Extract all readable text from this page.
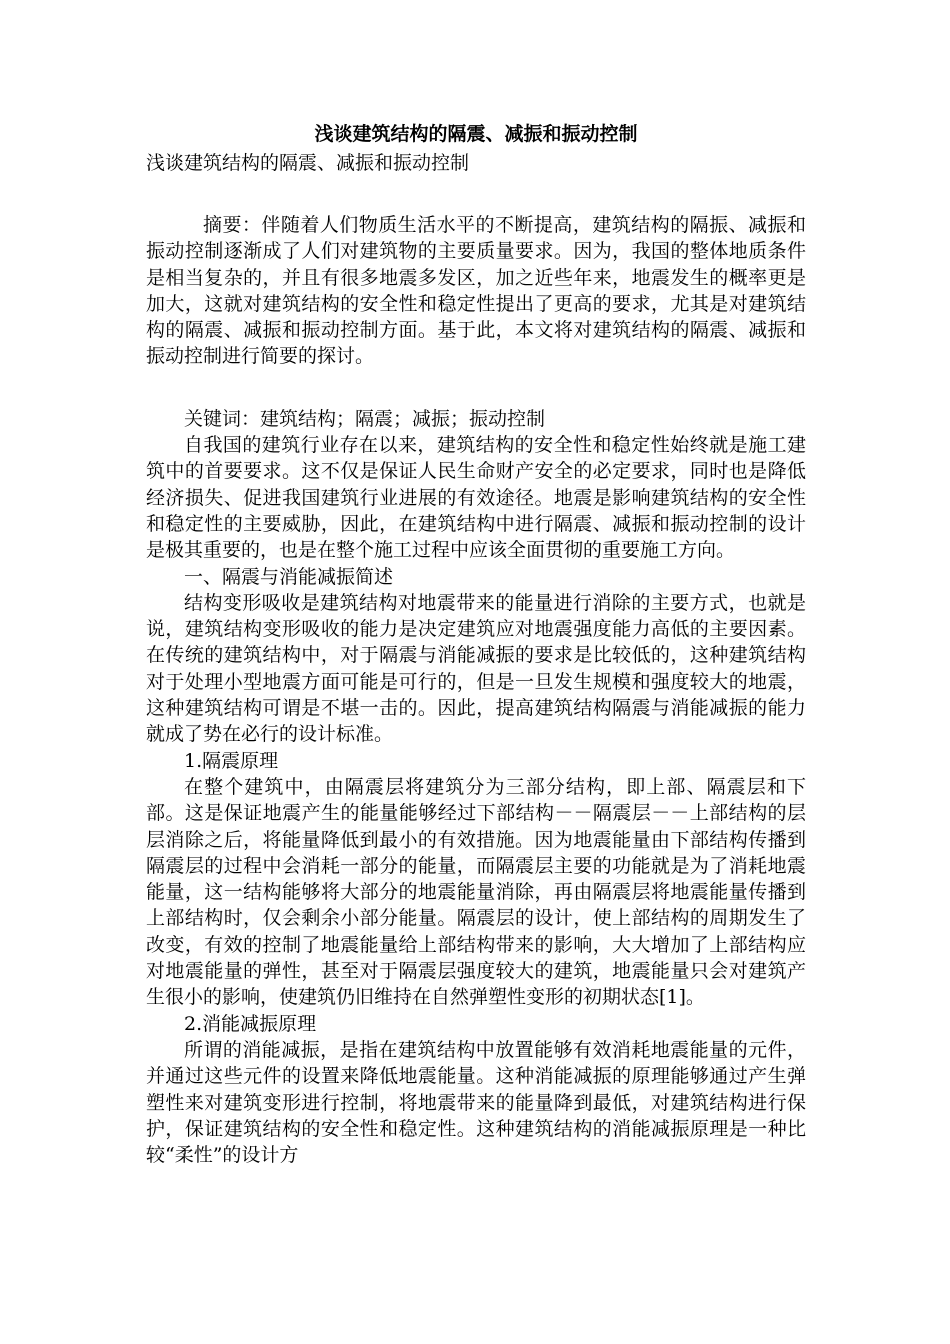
浅谈建筑结构的隔震、减振和振动控制

浅谈建筑结构的隔震、减振和振动控制

摘要：伴随着人们物质生活水平的不断提高，建筑结构的隔振、减振和振动控制逐渐成了人们对建筑物的主要质量要求。因为，我国的整体地质条件是相当复杂的，并且有很多地震多发区，加之近些年来，地震发生的概率更是加大，这就对建筑结构的安全性和稳定性提出了更高的要求，尤其是对建筑结构的隔震、减振和振动控制方面。基于此，本文将对建筑结构的隔震、减振和振动控制进行简要的探讨。

关键词：建筑结构；隔震；减振；振动控制

自我国的建筑行业存在以来，建筑结构的安全性和稳定性始终就是施工建筑中的首要要求。这不仅是保证人民生命财产安全的必定要求，同时也是降低经济损失、促进我国建筑行业进展的有效途径。地震是影响建筑结构的安全性和稳定性的主要威胁，因此，在建筑结构中进行隔震、减振和振动控制的设计是极其重要的，也是在整个施工过程中应该全面贯彻的重要施工方向。

一、隔震与消能减振简述

结构变形吸收是建筑结构对地震带来的能量进行消除的主要方式，也就是说，建筑结构变形吸收的能力是决定建筑应对地震强度能力高低的主要因素。在传统的建筑结构中，对于隔震与消能减振的要求是比较低的，这种建筑结构对于处理小型地震方面可能是可行的，但是一旦发生规模和强度较大的地震，这种建筑结构可谓是不堪一击的。因此，提高建筑结构隔震与消能减振的能力就成了势在必行的设计标准。

1.隔震原理

在整个建筑中，由隔震层将建筑分为三部分结构，即上部、隔震层和下部。这是保证地震产生的能量能够经过下部结构－－隔震层－－上部结构的层层消除之后，将能量降低到最小的有效措施。因为地震能量由下部结构传播到隔震层的过程中会消耗一部分的能量，而隔震层主要的功能就是为了消耗地震能量，这一结构能够将大部分的地震能量消除，再由隔震层将地震能量传播到上部结构时，仅会剩余小部分能量。隔震层的设计，使上部结构的周期发生了改变，有效的控制了地震能量给上部结构带来的影响，大大增加了上部结构应对地震能量的弹性，甚至对于隔震层强度较大的建筑，地震能量只会对建筑产生很小的影响，使建筑仍旧维持在自然弹塑性变形的初期状态[1]。

2.消能减振原理

所谓的消能减振，是指在建筑结构中放置能够有效消耗地震能量的元件，并通过这些元件的设置来降低地震能量。这种消能减振的原理能够通过产生弹塑性来对建筑变形进行控制，将地震带来的能量降到最低，对建筑结构进行保护，保证建筑结构的安全性和稳定性。这种建筑结构的消能减振原理是一种比较“柔性”的设计方
